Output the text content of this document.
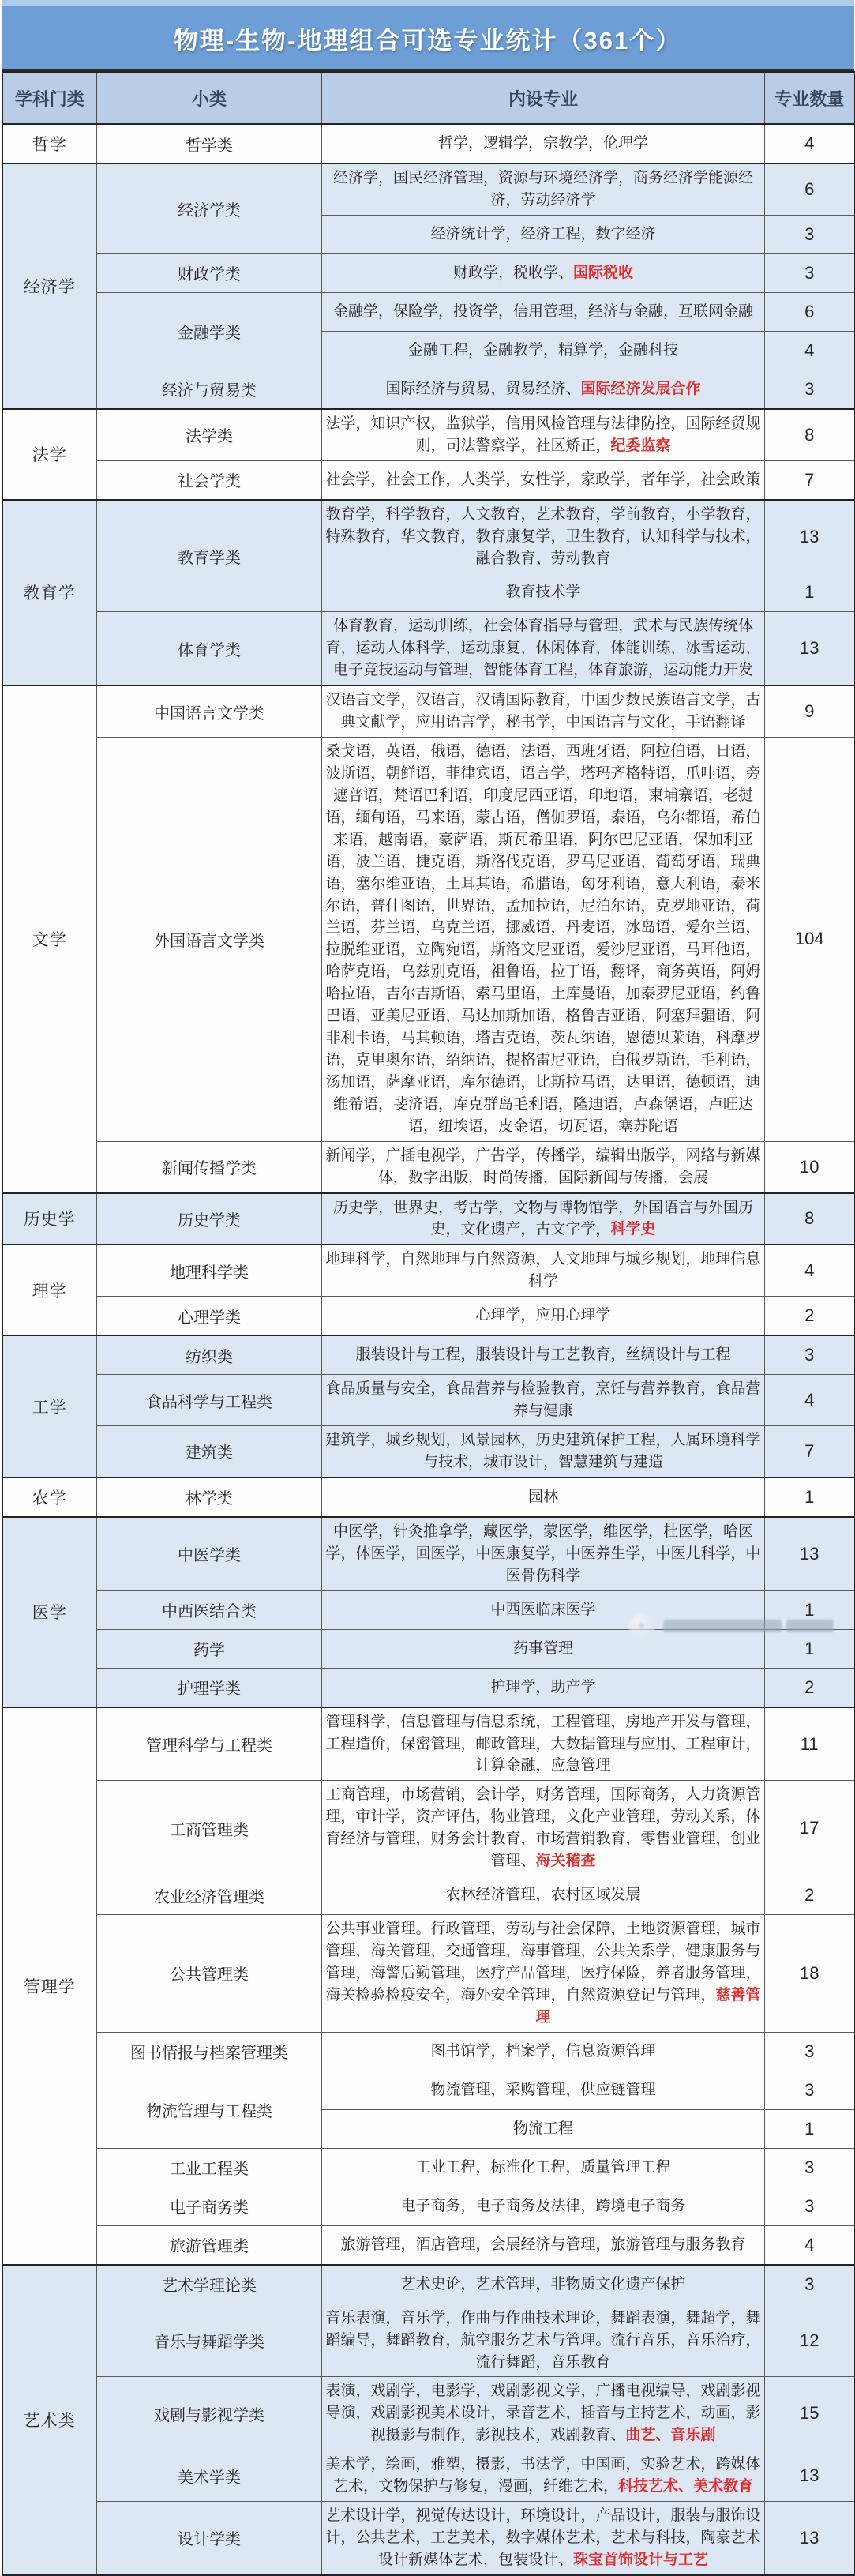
物理-生物-地理组合可选专业统计（361个）
学科门类	小类	内设专业	专业数量
哲学	哲学类	哲学，逻辑学，宗教学，伦理学	4
经济学	经济学类	经济学，国民经济管理，资源与环境经济学，商务经济学能源经济，劳动经济学	6
		经济统计学，经济工程，数字经济	3
	财政学类	财政学，税收学、国际税收	3
	金融学类	金融学，保险学，投资学，信用管理，经济与金融，互联网金融	6
		金融工程，金融教学，精算学，金融科技	4
	经济与贸易类	国际经济与贸易，贸易经济、国际经济发展合作	3
法学	法学类	法学，知识产权，监狱学，信用风检管理与法律防控，国际经贸规则，司法警察学，社区矫正，纪委监察	8
	社会学类	社会学，社会工作，人类学，女性学，家政学，者年学，社会政策	7
教育学	教育学类	教育学，科学教育，人文教育，艺术教育，学前教育，小学教育，特殊教育，华文教育，教育康复学，卫生教育，认知科学与技术，融合教育、劳动教育	13
		教育技术学	1
	体育学类	体育教育，运动训练，社会体育指导与管理，武术与民族传统体育，运动人体科学，运动康复，休闲体育，体能训练，冰雪运动，电子竞技运动与管理，智能体育工程，体育旅游，运动能力开发	13
文学	中国语言文学类	汉语言文学，汉语言，汉请国际教育，中国少数民族语言文学，古典文献学，应用语言学，秘书学，中国语言与文化，手语翻译	9
	外国语言文学类	桑戈语，英语，俄语，德语，法语，西班牙语，阿拉伯语，日语，波斯语，朝鲜语，菲律宾语，语言学，塔玛齐格特语，爪哇语，旁遮普语，梵语巴利语，印度尼西亚语，印地语，柬埔寨语，老挝语，缅甸语，马来语，蒙古语，僧伽罗语，泰语，乌尔都语，希伯来语，越南语，豪萨语，斯瓦希里语，阿尔巴尼亚语，保加利亚语，波兰语，捷克语，斯洛伐克语，罗马尼亚语，葡萄牙语，瑞典语，塞尔维亚语，土耳其语，希腊语，匈牙利语，意大利语，泰米尔语，普什图语，世界语，孟加拉语，尼泊尔语，克罗地亚语，荷兰语，芬兰语，乌克兰语，挪威语，丹麦语，冰岛语，爱尔兰语，拉脱维亚语，立陶宛语，斯洛文尼亚语，爱沙尼亚语，马耳他语，哈萨克语，乌兹别克语，祖鲁语，拉丁语，翻译，商务英语，阿姆哈拉语，吉尔吉斯语，索马里语，土库曼语，加泰罗尼亚语，约鲁巴语，亚美尼亚语，马达加斯加语，格鲁吉亚语，阿塞拜疆语，阿非利卡语，马其顿语，塔吉克语，茨瓦纳语，恩德贝莱语，科摩罗语，克里奥尔语，绍纳语，提格雷尼亚语，白俄罗斯语，毛利语，汤加语，萨摩亚语，库尔德语，比斯拉马语，达里语，德顿语，迪维希语，斐济语，库克群岛毛利语，隆迪语，卢森堡语，卢旺达语，纽埃语，皮金语，切瓦语，塞苏陀语	104
	新闻传播学类	新闻学，广插电视学，广告学，传播学，编辑出版学，网络与新媒体，数字出版，时尚传播，国际新闻与传播，会展	10
历史学	历史学类	历史学，世界史，考古学，文物与博物馆学，外国语言与外国历史，文化遗产，古文字学，科学史	8
理学	地理科学类	地理科学，自然地理与自然资源，人文地理与城乡规划，地理信息科学	4
	心理学类	心理学，应用心理学	2
工学	纺织类	服装设计与工程，服装设计与工艺教育，丝绸设计与工程	3
	食品科学与工程类	食品质量与安全，食品营养与检验教育，烹饪与营养教育，食品营养与健康	4
	建筑类	建筑学，城乡规划，风景园林，历史建筑保护工程，人属环境科学与技术，城市设计，智慧建筑与建造	7
农学	林学类	园林	1
医学	中医学类	中医学，针灸推拿学，藏医学，蒙医学，维医学，杜医学，哈医学，体医学，回医学，中医康复学，中医养生学，中医儿科学，中医骨伤科学	13
	中西医结合类	中西医临床医学	1
	药学	药事管理	1
	护理学类	护理学，助产学	2
管理学	管理科学与工程类	管理科学，信息管理与信息系统，工程管理，房地产开发与管理，工程造价，保密管理，邮政管理，大数据管理与应用、工程审计，计算金融，应急管理	11
	工商管理类	工商管理，市场营销，会计学，财务管理，国际商务，人力资源管理，审计学，资产评估，物业管理，文化产业管理，劳动关系，体育经济与管理，财务会计教育，市场营销教育，零售业管理，创业管理、海关稽查	17
	农业经济管理类	农林经济管理，农村区域发展	2
	公共管理类	公共事业管理。行政管理，劳动与社会保障，土地资源管理，城市管理，海关管理，交通管理，海事管理，公共关系学，健康服务与管理，海警后勤管理，医疗产品管理，医疗保险，养者服务管理，海关检验检疫安全，海外安全管理，自然资源登记与管理，慈善管理	18
	图书情报与档案管理类	图书馆学，档案学，信息资源管理	3
	物流管理与工程类	物流管理，采购管理，供应链管理	3
		物流工程	1
	工业工程类	工业工程，标准化工程，质量管理工程	3
	电子商务类	电子商务，电子商务及法律，跨境电子商务	3
	旅游管理类	旅游管理，酒店管理，会展经济与管理，旅游管理与服务教育	4
艺术类	艺术学理论类	艺术史论，艺术管理，非物质文化遗产保护	3
	音乐与舞蹈学类	音乐表演，音乐学，作曲与作曲技术理论，舞蹈表演，舞超学，舞蹈编导，舞蹈教育，航空服务艺术与管理。流行音乐，音乐治疗，流行舞蹈，音乐教育	12
	戏剧与影视学类	表演，戏剧学，电影学，戏剧影视文学，广播电视编导，戏剧影视导演，戏剧影视美术设计，录音艺术，插音与主持艺术，动画，影视摄影与制作，影视技术，戏剧教育、曲艺、音乐剧	15
	美术学类	美术学，绘画，雅塑，摄影，书法学，中国画，实验艺术，跨媒体艺术，文物保护与修复，漫画，纤维艺术，科技艺术、美术教育	13
	设计学类	艺术设计学，视觉传达设计，环境设计，产品设计，服装与服饰设计，公共艺术，工艺美术，数字媒体艺术，艺术与科技，陶豪艺术设计新媒体艺术，包装设计、珠宝首饰设计与工艺	13
✦
